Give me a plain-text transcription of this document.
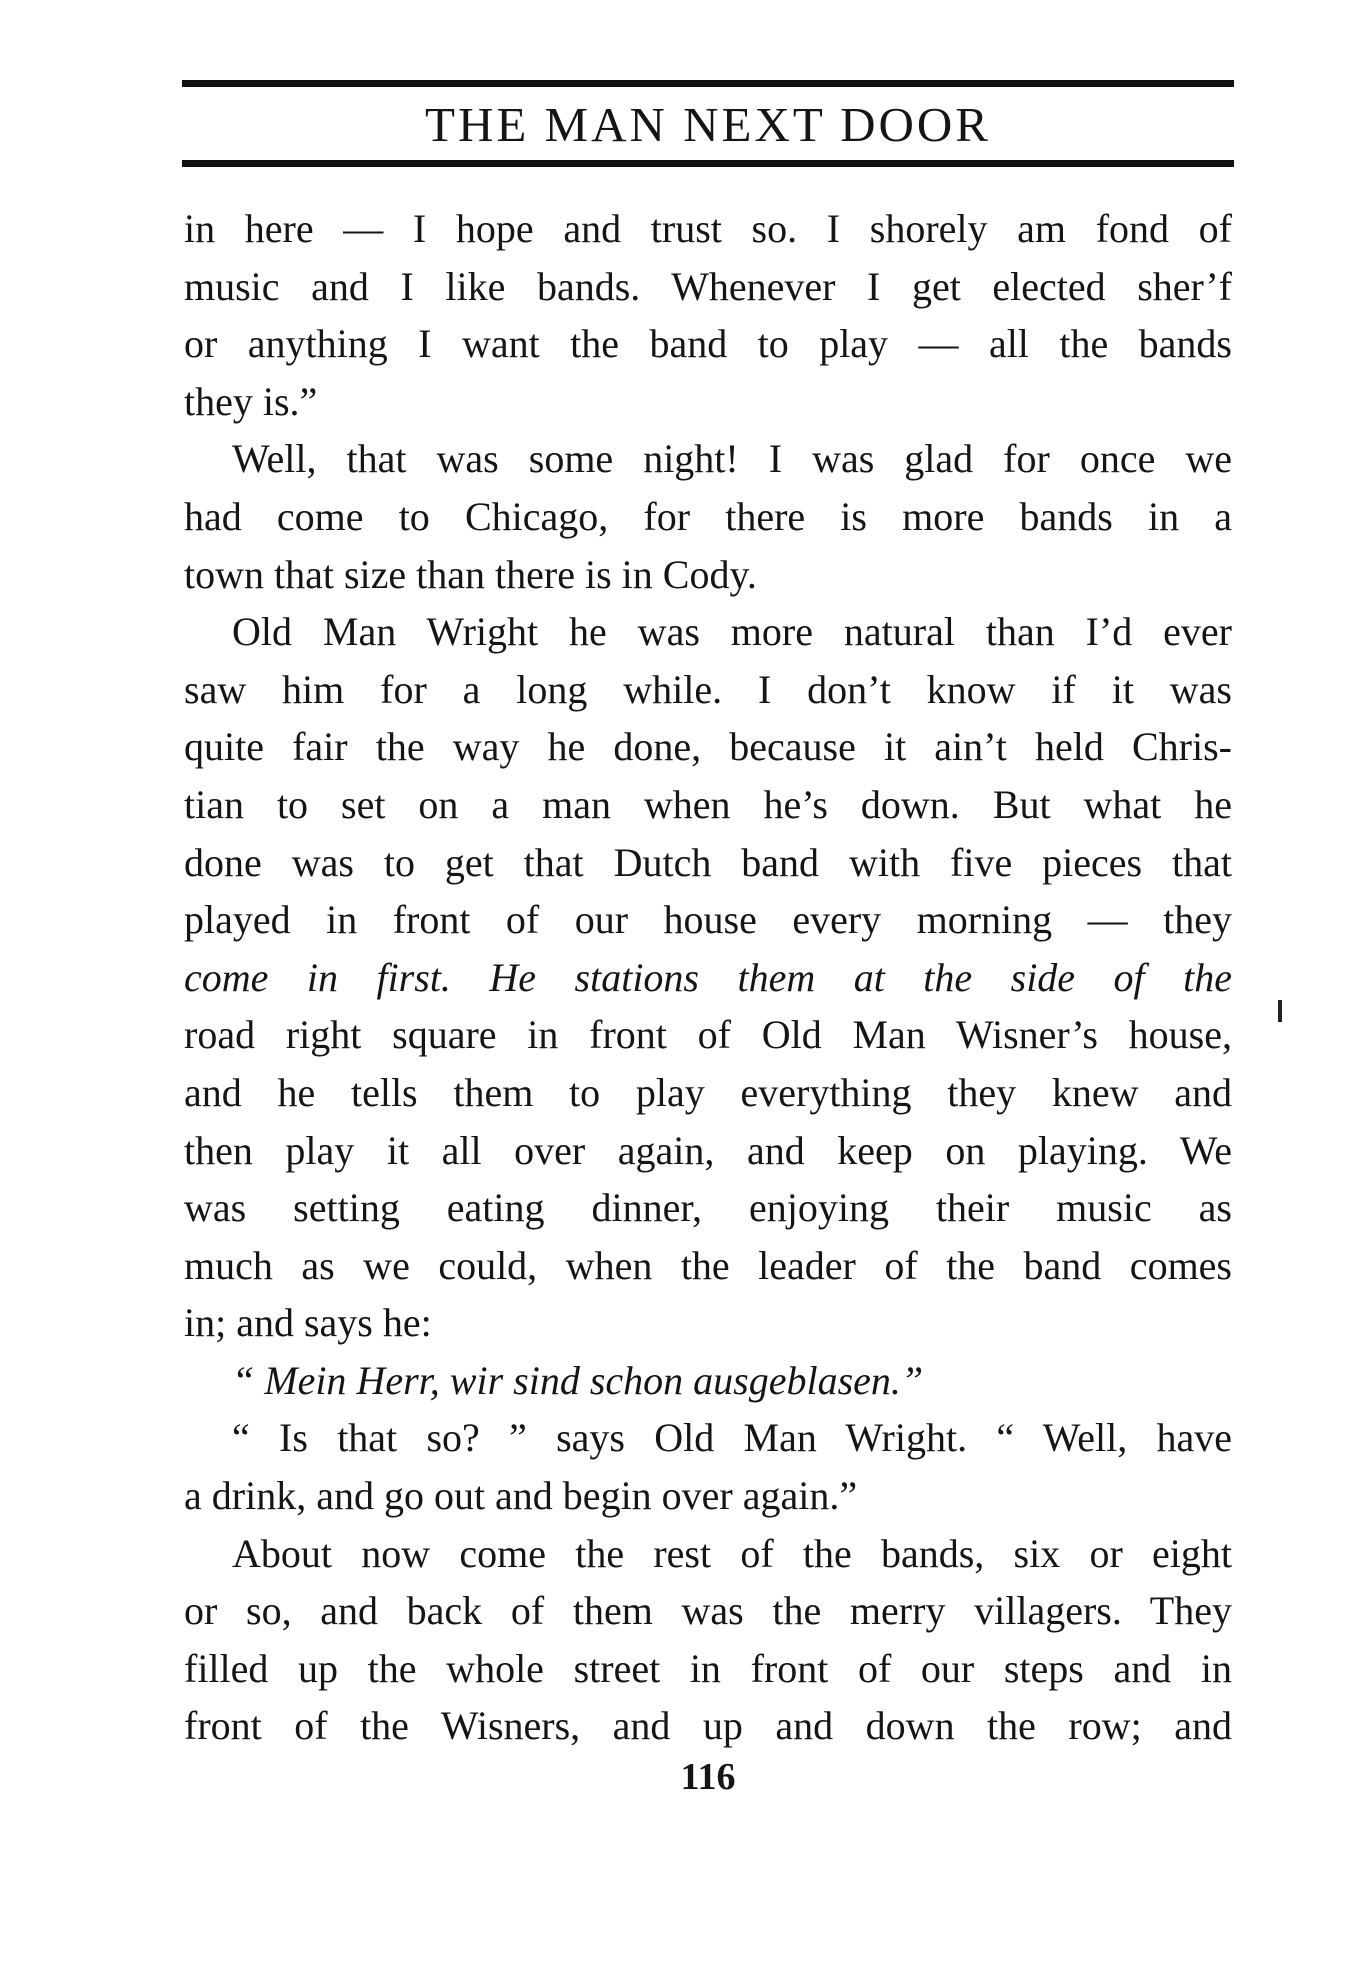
THE MAN NEXT DOOR
in here — I hope and trust so. I shorely am fond of
music and I like bands. Whenever I get elected sher’f
or anything I want the band to play — all the bands
they is.”
Well, that was some night! I was glad for once we
had come to Chicago, for there is more bands in a
town that size than there is in Cody.
Old Man Wright he was more natural than I’d ever
saw him for a long while. I don’t know if it was
quite fair the way he done, because it ain’t held Chris-
tian to set on a man when he’s down. But what he
done was to get that Dutch band with five pieces that
played in front of our house every morning — they
come in first. He stations them at the side of the
road right square in front of Old Man Wisner’s house,
and he tells them to play everything they knew and
then play it all over again, and keep on playing. We
was setting eating dinner, enjoying their music as
much as we could, when the leader of the band comes
in; and says he:
“ Mein Herr, wir sind schon ausgeblasen.”
“ Is that so? ” says Old Man Wright. “ Well, have
a drink, and go out and begin over again.”
About now come the rest of the bands, six or eight
or so, and back of them was the merry villagers. They
filled up the whole street in front of our steps and in
front of the Wisners, and up and down the row; and
116
